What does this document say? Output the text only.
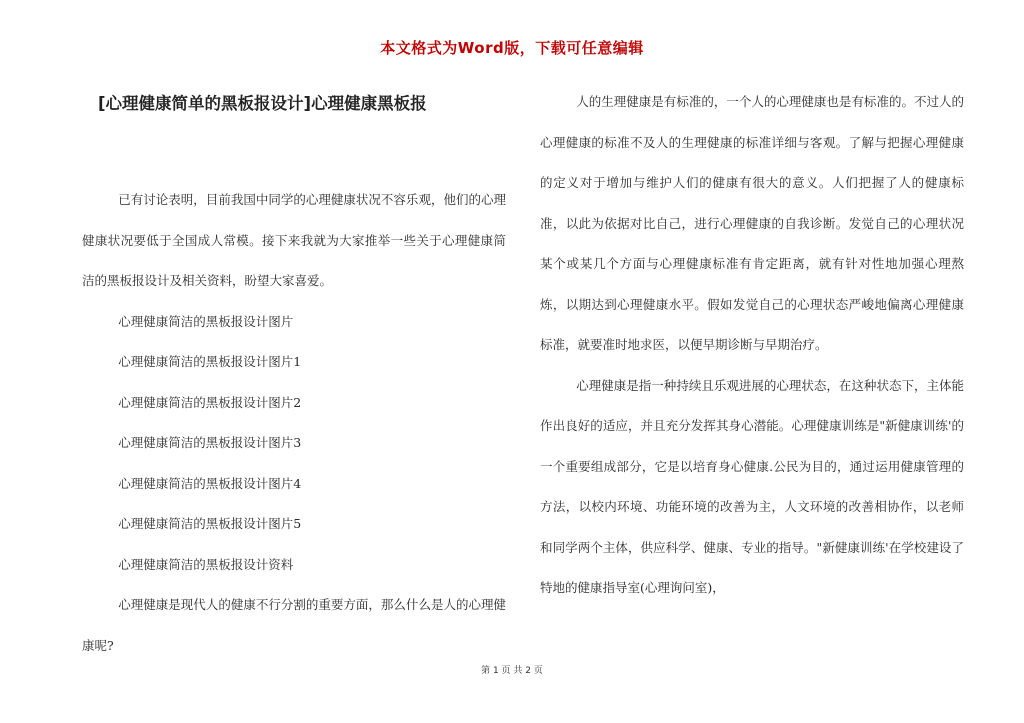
本文格式为Word版，下载可任意编辑
[心理健康简单的黑板报设计]心理健康黑板报

已有讨论表明，目前我国中同学的心理健康状况不容乐观，他们的心理健康状况要低于全国成人常模。接下来我就为大家推举一些关于心理健康简洁的黑板报设计及相关资料，盼望大家喜爱。

心理健康简洁的黑板报设计图片

心理健康简洁的黑板报设计图片1

心理健康简洁的黑板报设计图片2

心理健康简洁的黑板报设计图片3

心理健康简洁的黑板报设计图片4

心理健康简洁的黑板报设计图片5

心理健康简洁的黑板报设计资料

心理健康是现代人的健康不行分割的重要方面，那么什么是人的心理健康呢?

人的生理健康是有标准的，一个人的心理健康也是有标准的。不过人的心理健康的标准不及人的生理健康的标准详细与客观。了解与把握心理健康的定义对于增加与维护人们的健康有很大的意义。人们把握了人的健康标准，以此为依据对比自己，进行心理健康的自我诊断。发觉自己的心理状况某个或某几个方面与心理健康标准有肯定距离，就有针对性地加强心理熬炼，以期达到心理健康水平。假如发觉自己的心理状态严峻地偏离心理健康标准，就要准时地求医，以便早期诊断与早期治疗。

心理健康是指一种持续且乐观进展的心理状态，在这种状态下，主体能作出良好的适应，并且充分发挥其身心潜能。心理健康训练是"新健康训练'的一个重要组成部分，它是以培育身心健康.公民为目的，通过运用健康管理的方法，以校内环境、功能环境的改善为主，人文环境的改善相协作，以老师和同学两个主体，供应科学、健康、专业的指导。"新健康训练'在学校建设了特地的健康指导室(心理询问室)，

第 1 页 共 2 页
